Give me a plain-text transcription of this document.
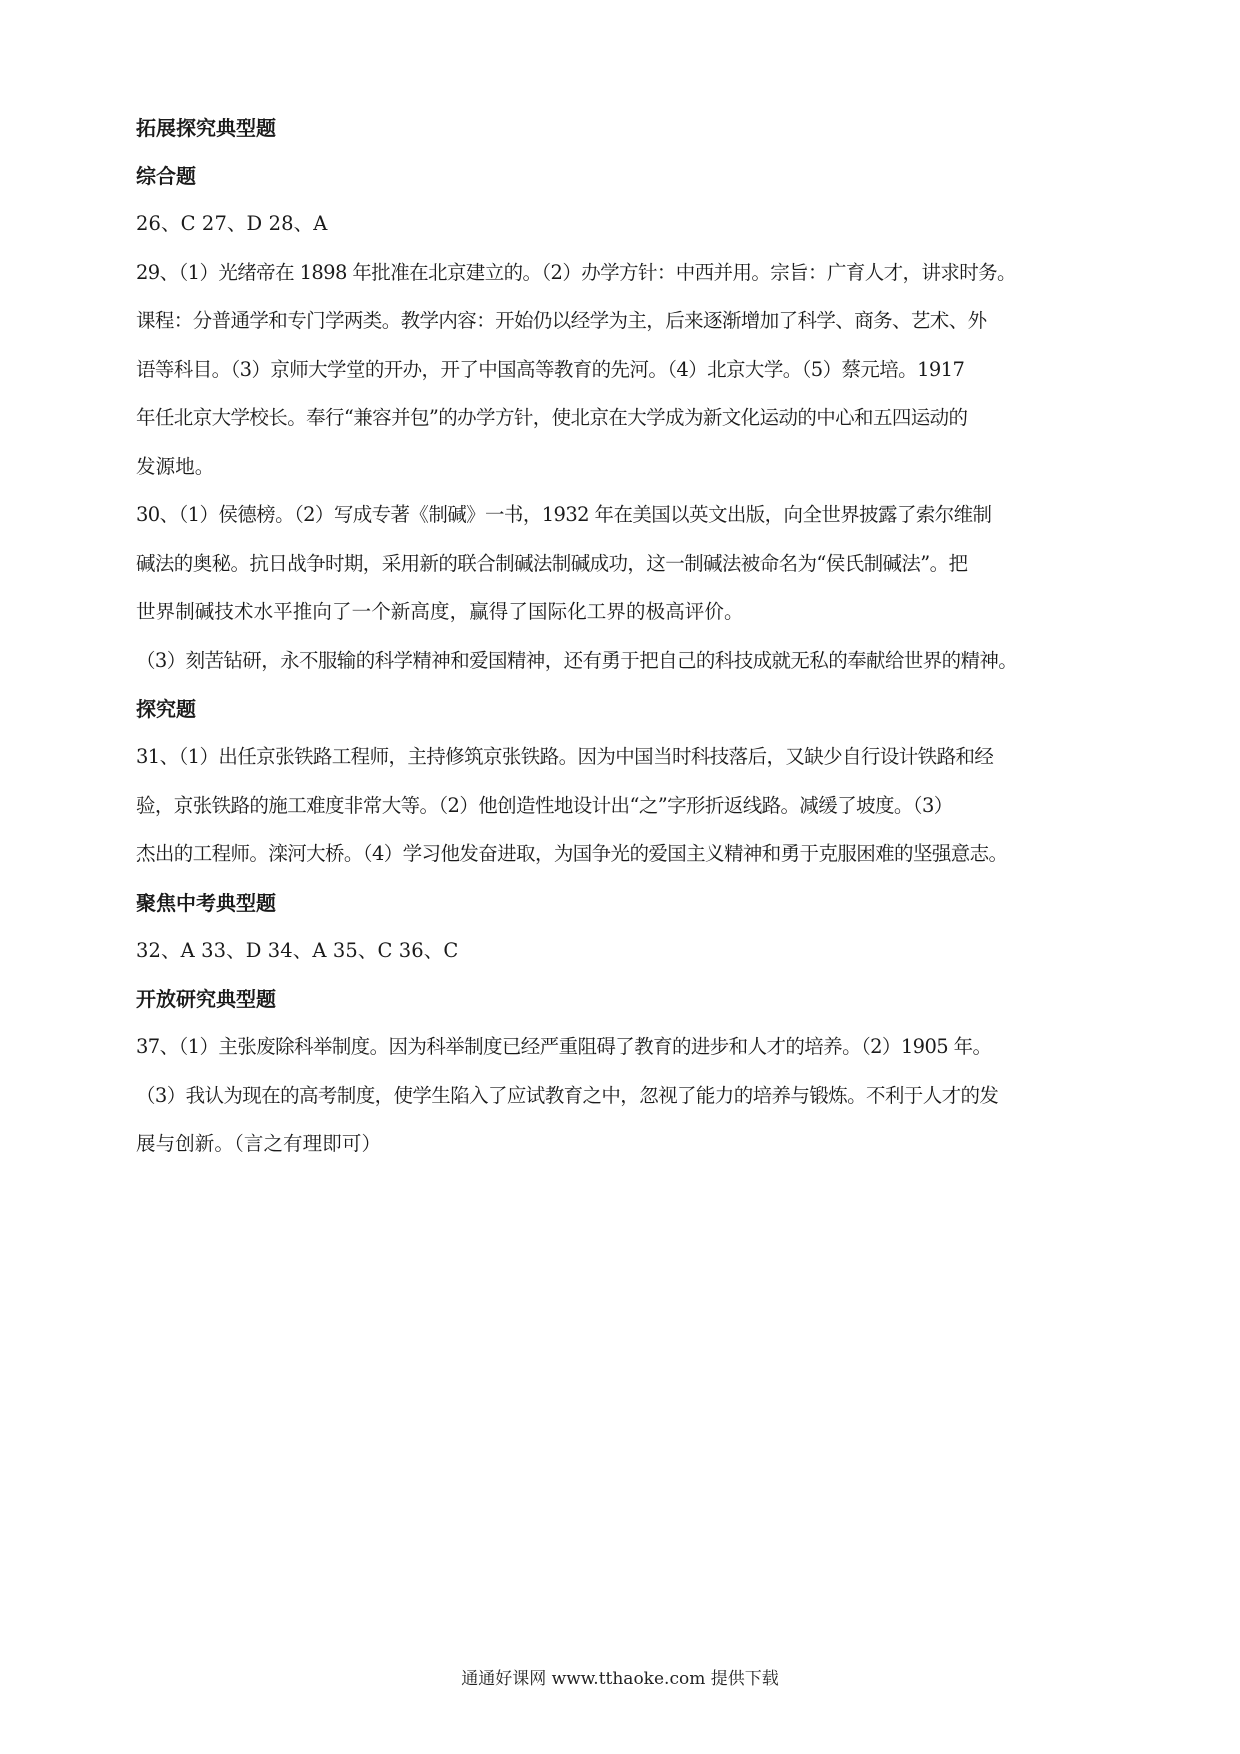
拓展探究典型题
综合题
26、C 27、D 28、A
29、（1）光绪帝在 1898 年批准在北京建立的。（2）办学方针：中西并用。宗旨：广育人才，讲求时务。
课程：分普通学和专门学两类。教学内容：开始仍以经学为主，后来逐渐增加了科学、商务、艺术、外
语等科目。（3）京师大学堂的开办，开了中国高等教育的先河。（4）北京大学。（5）蔡元培。1917
年任北京大学校长。奉行“兼容并包”的办学方针，使北京在大学成为新文化运动的中心和五四运动的
发源地。
30、（1）侯德榜。（2）写成专著《制碱》一书，1932 年在美国以英文出版，向全世界披露了索尔维制
碱法的奥秘。抗日战争时期，采用新的联合制碱法制碱成功，这一制碱法被命名为“侯氏制碱法”。把
世界制碱技术水平推向了一个新高度，赢得了国际化工界的极高评价。
（3）刻苦钻研，永不服输的科学精神和爱国精神，还有勇于把自己的科技成就无私的奉献给世界的精神。
探究题
31、（1）出任京张铁路工程师，主持修筑京张铁路。因为中国当时科技落后，又缺少自行设计铁路和经
验，京张铁路的施工难度非常大等。（2）他创造性地设计出“之”字形折返线路。减缓了坡度。（3）
杰出的工程师。滦河大桥。（4）学习他发奋进取，为国争光的爱国主义精神和勇于克服困难的坚强意志。
聚焦中考典型题
32、A 33、D 34、A 35、C 36、C
开放研究典型题
37、（1）主张废除科举制度。因为科举制度已经严重阻碍了教育的进步和人才的培养。（2）1905 年。
（3）我认为现在的高考制度，使学生陷入了应试教育之中，忽视了能力的培养与锻炼。不利于人才的发
展与创新。（言之有理即可）
通通好课网 www.tthaoke.com 提供下载
